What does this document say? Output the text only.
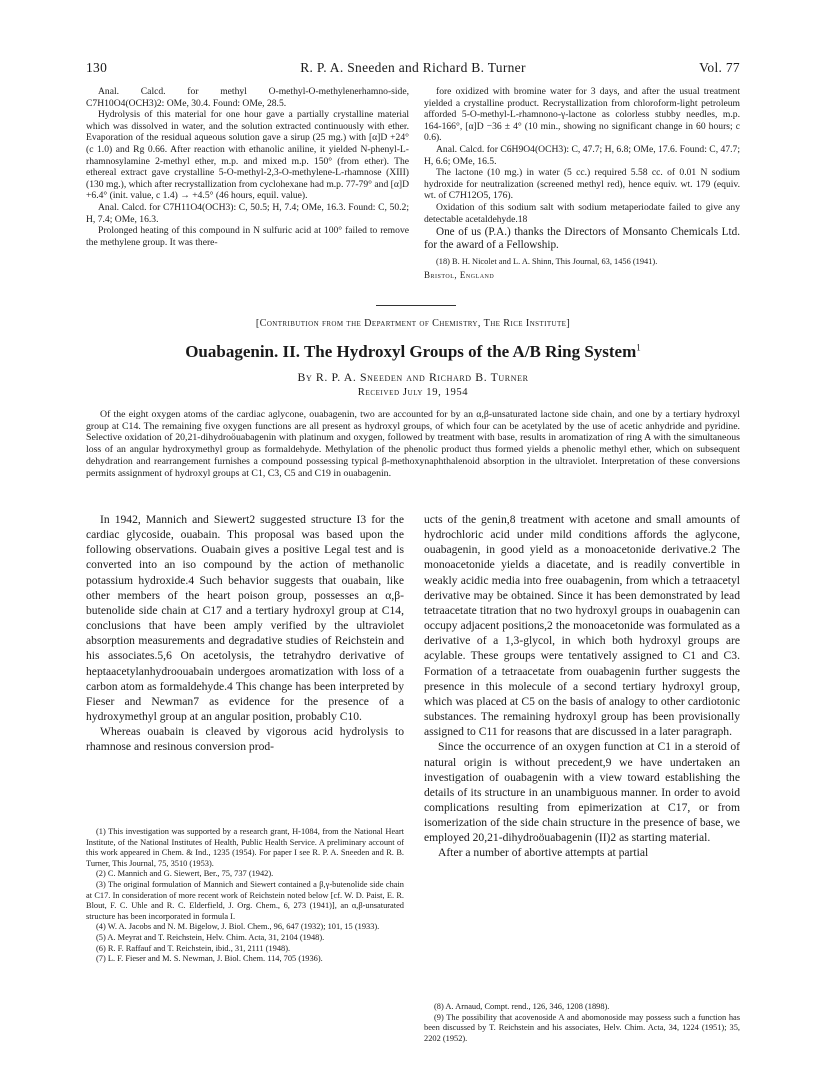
130	R. P. A. Sneeden and Richard B. Turner	Vol. 77

Anal. Calcd. for methyl O-methyl-O-methylenerhamno-side, C7H10O4(OCH3)2: OMe, 30.4. Found: OMe, 28.5.

Hydrolysis of this material for one hour gave a partially crystalline material which was dissolved in water, and the solution extracted continuously with ether. Evaporation of the residual aqueous solution gave a sirup (25 mg.) with [α]D +24° (c 1.0) and Rg 0.66. After reaction with ethanolic aniline, it yielded N-phenyl-L-rhamnosylamine 2-methyl ether, m.p. and mixed m.p. 150° (from ether). The ethereal extract gave crystalline 5-O-methyl-2,3-O-methylene-L-rhamnose (XIII) (130 mg.), which after recrystallization from cyclohexane had m.p. 77-79° and [α]D +6.4° (init. value, c 1.4) → +4.5° (46 hours, equil. value).

Anal. Calcd. for C7H11O4(OCH3): C, 50.5; H, 7.4; OMe, 16.3. Found: C, 50.2; H, 7.4; OMe, 16.3.

Prolonged heating of this compound in N sulfuric acid at 100° failed to remove the methylene group. It was there-

fore oxidized with bromine water for 3 days, and after the usual treatment yielded a crystalline product. Recrystallization from chloroform-light petroleum afforded 5-O-methyl-L-rhamnono-γ-lactone as colorless stubby needles, m.p. 164-166°, [α]D −36 ± 4° (10 min., showing no significant change in 60 hours; c 0.6).

Anal. Calcd. for C6H9O4(OCH3): C, 47.7; H, 6.8; OMe, 17.6. Found: C, 47.7; H, 6.6; OMe, 16.5.

The lactone (10 mg.) in water (5 cc.) required 5.58 cc. of 0.01 N sodium hydroxide for neutralization (screened methyl red), hence equiv. wt. 179 (equiv. wt. of C7H12O5, 176).

Oxidation of this sodium salt with sodium metaperiodate failed to give any detectable acetaldehyde.18

One of us (P.A.) thanks the Directors of Monsanto Chemicals Ltd. for the award of a Fellowship.

(18) B. H. Nicolet and L. A. Shinn, This Journal, 63, 1456 (1941).

Bristol, England
[Contribution from the Department of Chemistry, The Rice Institute]
Ouabagenin. II. The Hydroxyl Groups of the A/B Ring System$^1$
By R. P. A. Sneeden and Richard B. Turner
Received July 19, 1954
Of the eight oxygen atoms of the cardiac aglycone, ouabagenin, two are accounted for by an α,β-unsaturated lactone side chain, and one by a tertiary hydroxyl group at C14. The remaining five oxygen functions are all present as hydroxyl groups, of which four can be acetylated by the use of acetic anhydride and pyridine. Selective oxidation of 20,21-dihydroöuabagenin with platinum and oxygen, followed by treatment with base, results in aromatization of ring A with the simultaneous loss of an angular hydroxymethyl group as formaldehyde. Methylation of the phenolic product thus formed yields a phenolic methyl ether, which on subsequent dehydration and rearrangement furnishes a compound possessing typical β-methoxynaphthalenoid absorption in the ultraviolet. Interpretation of these conversions permits assignment of hydroxyl groups at C1, C3, C5 and C19 in ouabagenin.

In 1942, Mannich and Siewert2 suggested structure I3 for the cardiac glycoside, ouabain. This proposal was based upon the following observations. Ouabain gives a positive Legal test and is converted into an iso compound by the action of methanolic potassium hydroxide.4 Such behavior suggests that ouabain, like other members of the heart poison group, possesses an α,β-butenolide side chain at C17 and a tertiary hydroxyl group at C14, conclusions that have been amply verified by the ultraviolet absorption measurements and degradative studies of Reichstein and his associates.5,6 On acetolysis, the tetrahydro derivative of heptaacetylanhydroouabain undergoes aromatization with loss of a carbon atom as formaldehyde.4 This change has been interpreted by Fieser and Newman7 as evidence for the presence of a hydroxymethyl group at an angular position, probably C10.

Whereas ouabain is cleaved by vigorous acid hydrolysis to rhamnose and resinous conversion prod-

ucts of the genin,8 treatment with acetone and small amounts of hydrochloric acid under mild conditions affords the aglycone, ouabagenin, in good yield as a monoacetonide derivative.2 The monoacetonide yields a diacetate, and is readily convertible in weakly acidic media into free ouabagenin, from which a tetraacetyl derivative may be obtained. Since it has been demonstrated by lead tetraacetate titration that no two hydroxyl groups in ouabagenin can occupy adjacent positions,2 the monoacetonide was formulated as a derivative of a 1,3-glycol, in which both hydroxyl groups are acylable. These groups were tentatively assigned to C1 and C3. Formation of a tetraacetate from ouabagenin further suggests the presence in this molecule of a second tertiary hydroxyl group, which was placed at C5 on the basis of analogy to other cardiotonic substances. The remaining hydroxyl group has been provisionally assigned to C11 for reasons that are discussed in a later paragraph.

Since the occurrence of an oxygen function at C1 in a steroid of natural origin is without precedent,9 we have undertaken an investigation of ouabagenin with a view toward establishing the details of its structure in an unambiguous manner. In order to avoid complications resulting from epimerization at C17, or from isomerization of the side chain structure in the presence of base, we employed 20,21-dihydroöuabagenin (II)2 as starting material.

After a number of abortive attempts at partial

(1) This investigation was supported by a research grant, H-1084, from the National Heart Institute, of the National Institutes of Health, Public Health Service. A preliminary account of this work appeared in Chem. & Ind., 1235 (1954). For paper I see R. P. A. Sneeden and R. B. Turner, This Journal, 75, 3510 (1953).

(2) C. Mannich and G. Siewert, Ber., 75, 737 (1942).

(3) The original formulation of Mannich and Siewert contained a β,γ-butenolide side chain at C17. In consideration of more recent work of Reichstein noted below [cf. W. D. Paist, E. R. Blout, F. C. Uhle and R. C. Elderfield, J. Org. Chem., 6, 273 (1941)], an α,β-unsaturated structure has been incorporated in formula I.

(4) W. A. Jacobs and N. M. Bigelow, J. Biol. Chem., 96, 647 (1932); 101, 15 (1933).

(5) A. Meyrat and T. Reichstein, Helv. Chim. Acta, 31, 2104 (1948).

(6) R. F. Raffauf and T. Reichstein, ibid., 31, 2111 (1948).

(7) L. F. Fieser and M. S. Newman, J. Biol. Chem. 114, 705 (1936).

(8) A. Arnaud, Compt. rend., 126, 346, 1208 (1898).

(9) The possibility that acovenoside A and abomonoside may possess such a function has been discussed by T. Reichstein and his associates, Helv. Chim. Acta, 34, 1224 (1951); 35, 2202 (1952).
